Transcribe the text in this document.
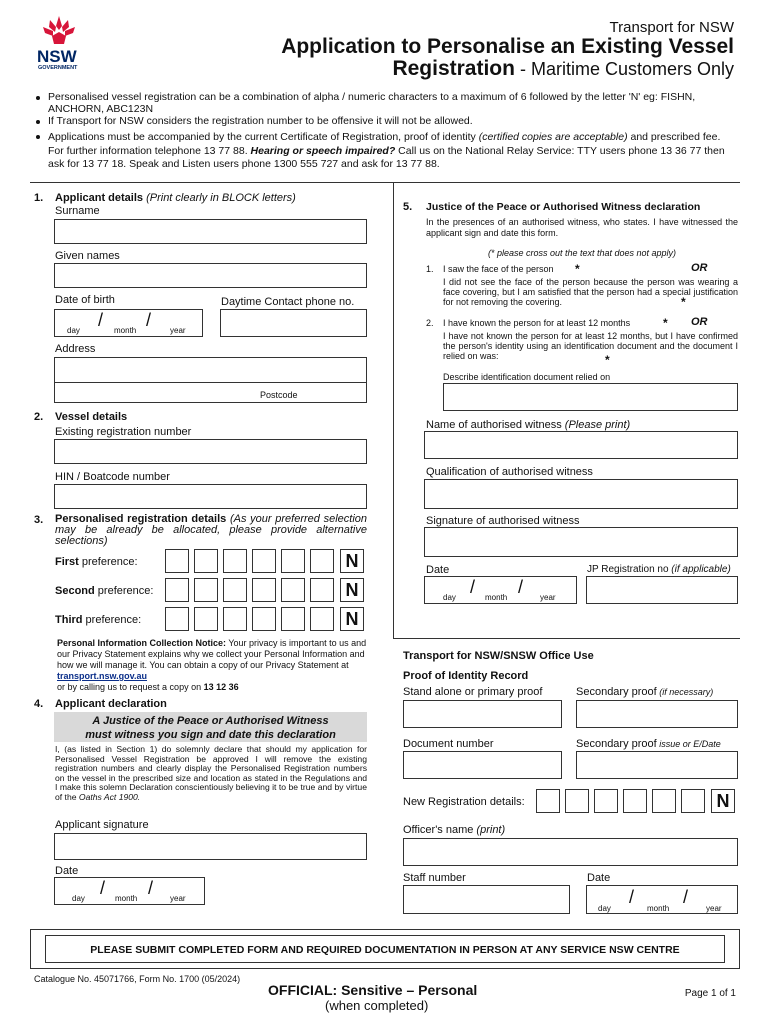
NSW
GOVERNMENT
Transport for NSW
Application to Personalise an Existing Vessel
Registration - Maritime Customers Only
Personalised vessel registration can be a combination of alpha / numeric characters to a maximum of 6 followed by the letter 'N' eg: FISHN, ANCHORN, ABC123N
If Transport for NSW considers the registration number to be offensive it will not be allowed.
Applications must be accompanied by the current Certificate of Registration, proof of identity (certified copies are acceptable) and prescribed fee. For further information telephone 13 77 88. Hearing or speech impaired? Call us on the National Relay Service: TTY users phone 13 36 77 then ask for 13 77 18. Speak and Listen users phone 1300 555 727 and ask for 13 77 88.
1. Applicant details (Print clearly in BLOCK letters)
Surname
Given names
Date of birth
/ /
day	month	year
Daytime Contact phone no.
Address
Postcode
2. Vessel details
Existing registration number
HIN / Boatcode number
3. Personalised registration details (As your preferred selection may be already be allocated, please provide alternative selections)
First preference:
Second preference:
Third preference:
N
N
N
Personal Information Collection Notice: Your privacy is important to us and our Privacy Statement explains why we collect your Personal Information and how we will manage it. You can obtain a copy of our Privacy Statement at transport.nsw.gov.au
or by calling us to request a copy on 13 12 36
4. Applicant declaration
A Justice of the Peace or Authorised Witness
must witness you sign and date this declaration
I, (as listed in Section 1) do solemnly declare that should my application for Personalised Vessel Registration be approved I will remove the existing registration numbers and clearly display the Personalised Registration numbers on the vessel in the prescribed size and location as stated in the Regulations and I make this solemn Declaration conscientiously believing it to be true and by virtue of the Oaths Act 1900.
Applicant signature
Date
/ /
day	month	year
5. Justice of the Peace or Authorised Witness declaration
In the presences of an authorised witness, who states. I have witnessed the applicant sign and date this form.
(* please cross out the text that does not apply)
1. I saw the face of the person *	OR
I did not see the face of the person because the person was wearing a face covering, but I am satisfied that the person had a special justification for not removing the covering.	*
2. I have known the person for at least 12 months	* OR
I have not known the person for at least 12 months, but I have confirmed the person's identity using an identification document and the document I relied on was:	*
Describe identification document relied on
Name of authorised witness (Please print)
Qualification of authorised witness
Signature of authorised witness
Date
/ /
day	month	year
JP Registration no (if applicable)
Transport for NSW/SNSW Office Use
Proof of Identity Record
Stand alone or primary proof	Secondary proof (if necessary)
Document number	Secondary proof issue or E/Date
New Registration details:	N
Officer's name (print)
Staff number	Date
/	/
day	month	year
PLEASE SUBMIT COMPLETED FORM AND REQUIRED DOCUMENTATION IN PERSON AT ANY SERVICE NSW CENTRE
Catalogue No. 45071766, Form No. 1700 (05/2024)
OFFICIAL: Sensitive – Personal
(when completed)
Page 1 of 1
